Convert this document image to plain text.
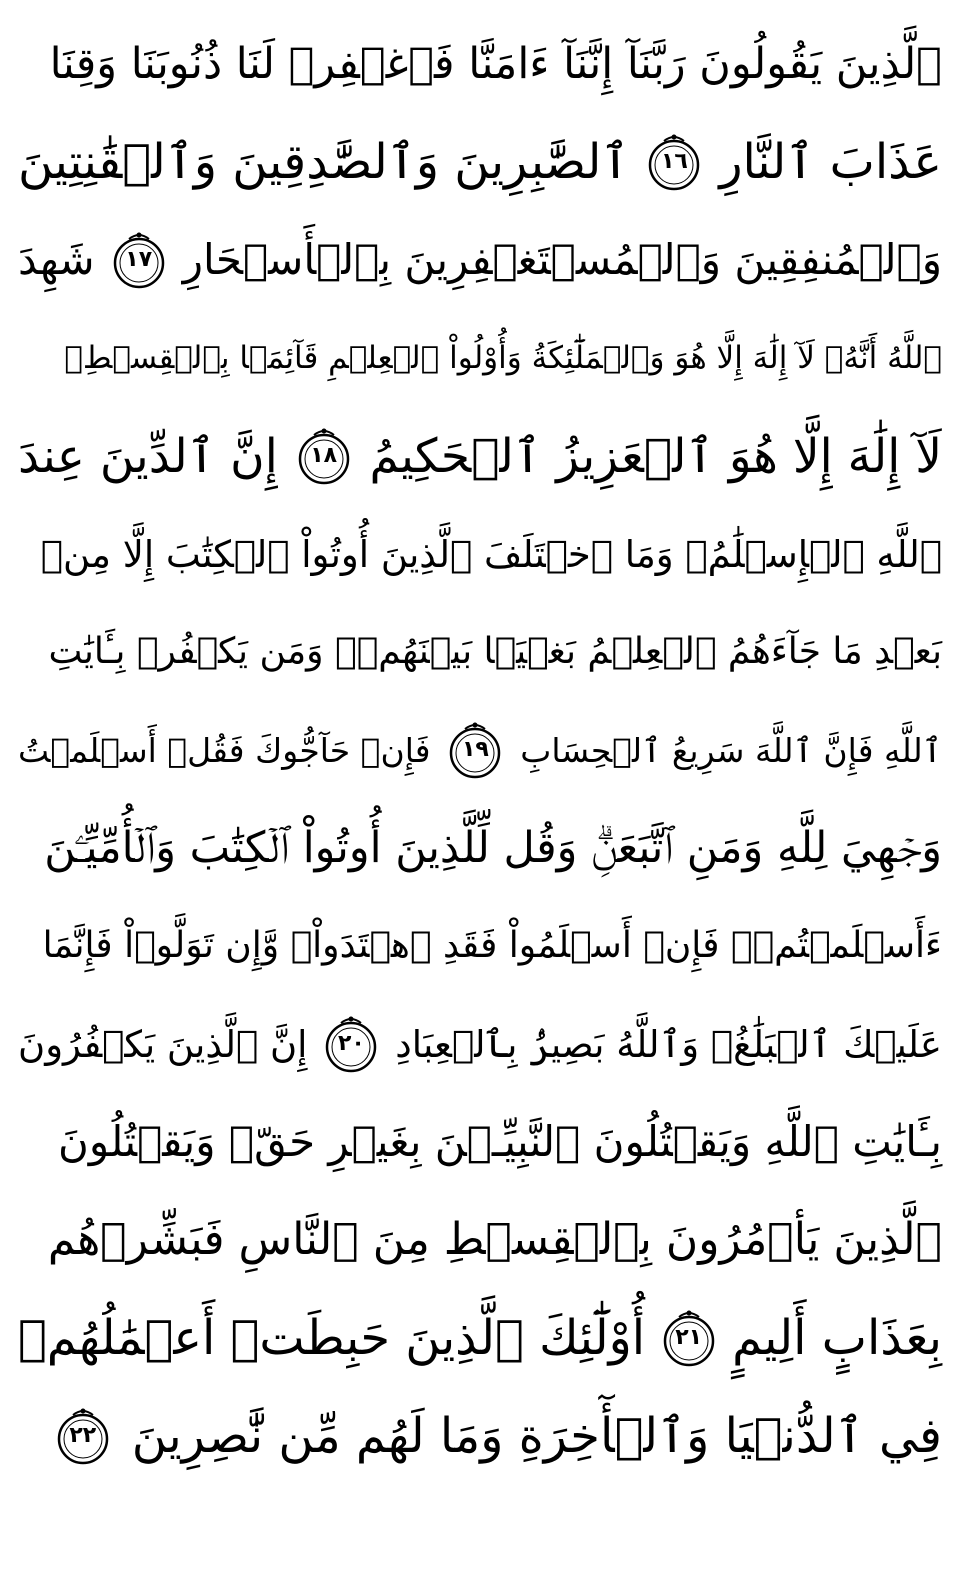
ٱلَّذِينَ يَقُولُونَ رَبَّنَآ إِنَّنَآ ءَامَنَّا فَٱغۡفِرۡ لَنَا ذُنُوبَنَا وَقِنَا
عَذَابَ ٱلنَّارِ
١٦
ٱلصَّٰبِرِينَ وَٱلصَّٰدِقِينَ وَٱلۡقَٰنِتِينَ
وَٱلۡمُنفِقِينَ وَٱلۡمُسۡتَغۡفِرِينَ بِٱلۡأَسۡحَارِ
١٧
شَهِدَ
ٱللَّهُ أَنَّهُۥ لَآ إِلَٰهَ إِلَّا هُوَ وَٱلۡمَلَٰٓئِكَةُ وَأُوْلُواْ ٱلۡعِلۡمِ قَآئِمَۢا بِٱلۡقِسۡطِۚ
لَآ إِلَٰهَ إِلَّا هُوَ ٱلۡعَزِيزُ ٱلۡحَكِيمُ
١٨
إِنَّ ٱلدِّينَ عِندَ
ٱللَّهِ ٱلۡإِسۡلَٰمُۗ وَمَا ٱخۡتَلَفَ ٱلَّذِينَ أُوتُواْ ٱلۡكِتَٰبَ إِلَّا مِنۢ
بَعۡدِ مَا جَآءَهُمُ ٱلۡعِلۡمُ بَغۡيَۢا بَيۡنَهُمۡۗ وَمَن يَكۡفُرۡ بِـَٔايَٰتِ
ٱللَّهِ فَإِنَّ ٱللَّهَ سَرِيعُ ٱلۡحِسَابِ
١٩
فَإِنۡ حَآجُّوكَ فَقُلۡ أَسۡلَمۡتُ
وَجۡهِيَ لِلَّهِ وَمَنِ ٱتَّبَعَنِۗ وَقُل لِّلَّذِينَ أُوتُواْ ٱلۡكِتَٰبَ وَٱلۡأُمِّيِّـۧنَ
ءَأَسۡلَمۡتُمۡۚ فَإِنۡ أَسۡلَمُواْ فَقَدِ ٱهۡتَدَواْۖ وَّإِن تَوَلَّوۡاْ فَإِنَّمَا
عَلَيۡكَ ٱلۡبَلَٰغُۗ وَٱللَّهُ بَصِيرُۢ بِٱلۡعِبَادِ
٢٠
إِنَّ ٱلَّذِينَ يَكۡفُرُونَ
بِـَٔايَٰتِ ٱللَّهِ وَيَقۡتُلُونَ ٱلنَّبِيِّـۧنَ بِغَيۡرِ حَقّٖ وَيَقۡتُلُونَ
ٱلَّذِينَ يَأۡمُرُونَ بِٱلۡقِسۡطِ مِنَ ٱلنَّاسِ فَبَشِّرۡهُم
بِعَذَابٍ أَلِيمٍ
٢١
أُوْلَٰٓئِكَ ٱلَّذِينَ حَبِطَتۡ أَعۡمَٰلُهُمۡ
فِي ٱلدُّنۡيَا وَٱلۡأٓخِرَةِ وَمَا لَهُم مِّن نَّٰصِرِينَ
٢٢
